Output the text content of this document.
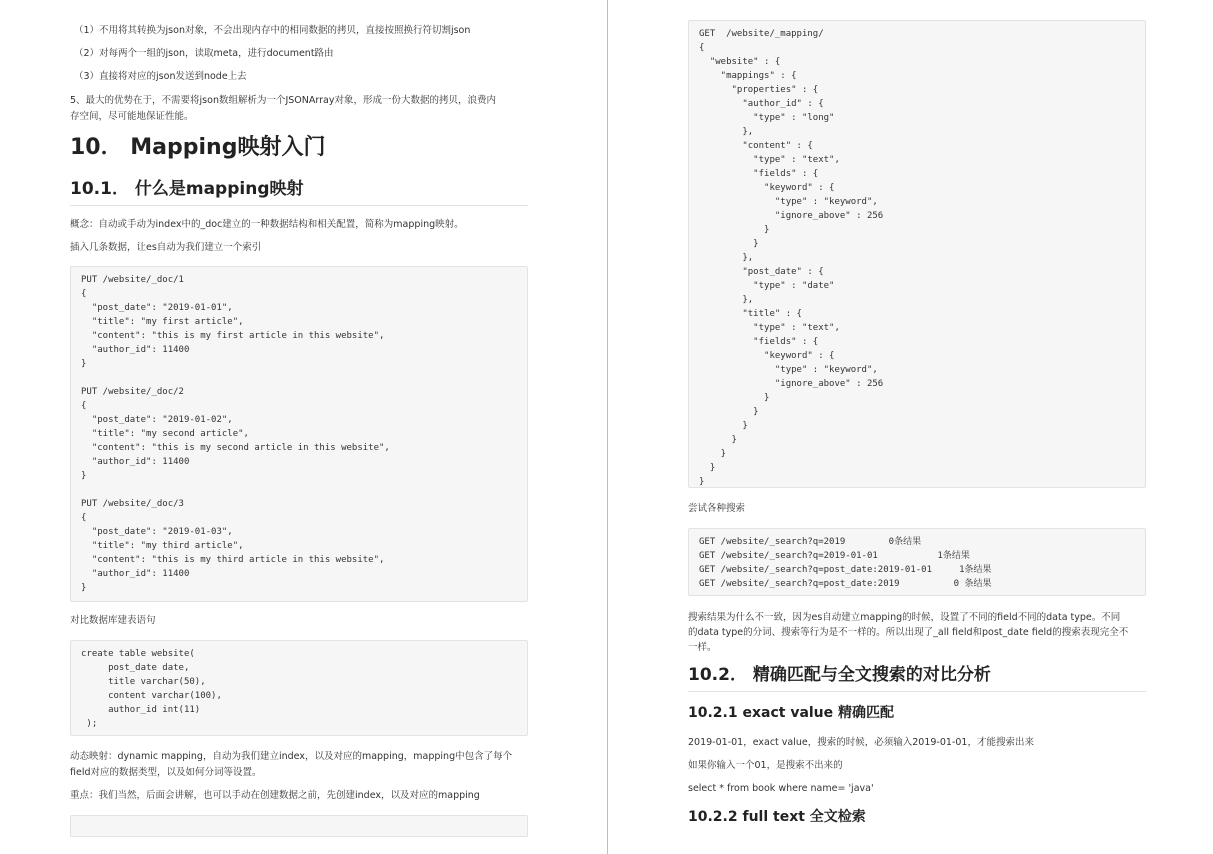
（1）不用将其转换为json对象，不会出现内存中的相同数据的拷贝，直接按照换行符切割json

（2）对每两个一组的json，读取meta，进行document路由

（3）直接将对应的json发送到node上去

5、最大的优势在于，不需要将json数组解析为一个JSONArray对象，形成一份大数据的拷贝，浪费内

存空间，尽可能地保证性能。

10． Mapping映射入门
10.1． 什么是mapping映射

概念：自动或手动为index中的_doc建立的一种数据结构和相关配置，简称为mapping映射。

插入几条数据，让es自动为我们建立一个索引

PUT /website/_doc/1
{
"post_date": "2019-01-01",
"title": "my first article",
"content": "this is my first article in this website",
"author_id": 11400
}

PUT /website/_doc/2
{
"post_date": "2019-01-02",
"title": "my second article",
"content": "this is my second article in this website",
"author_id": 11400
}

PUT /website/_doc/3
{
"post_date": "2019-01-03",
"title": "my third article",
"content": "this is my third article in this website",
"author_id": 11400
}

对比数据库建表语句

create table website(
post_date date,
title varchar(50),
content varchar(100),
author_id int(11)
);

动态映射：dynamic mapping，自动为我们建立index，以及对应的mapping，mapping中包含了每个

field对应的数据类型，以及如何分词等设置。

重点：我们当然，后面会讲解，也可以手动在创建数据之前，先创建index，以及对应的mapping

GET  /website/_mapping/
{
"website" : {
"mappings" : {
"properties" : {
"author_id" : {
"type" : "long"
},
"content" : {
"type" : "text",
"fields" : {
"keyword" : {
"type" : "keyword",
"ignore_above" : 256
}
}
},
"post_date" : {
"type" : "date"
},
"title" : {
"type" : "text",
"fields" : {
"keyword" : {
"type" : "keyword",
"ignore_above" : 256
}
}
}
}
}
}
}

尝试各种搜索

GET /website/_search?q=2019        0条结果
GET /website/_search?q=2019-01-01           1条结果
GET /website/_search?q=post_date:2019-01-01     1条结果
GET /website/_search?q=post_date:2019          0 条结果

搜索结果为什么不一致，因为es自动建立mapping的时候，设置了不同的field不同的data type。不同

的data type的分词、搜索等行为是不一样的。所以出现了_all field和post_date field的搜索表现完全不

一样。

10.2． 精确匹配与全文搜索的对比分析
10.2.1 exact value 精确匹配

2019-01-01，exact value，搜索的时候，必须输入2019-01-01，才能搜索出来

如果你输入一个01，是搜索不出来的

select * from book where name= 'java'

10.2.2 full text 全文检索
